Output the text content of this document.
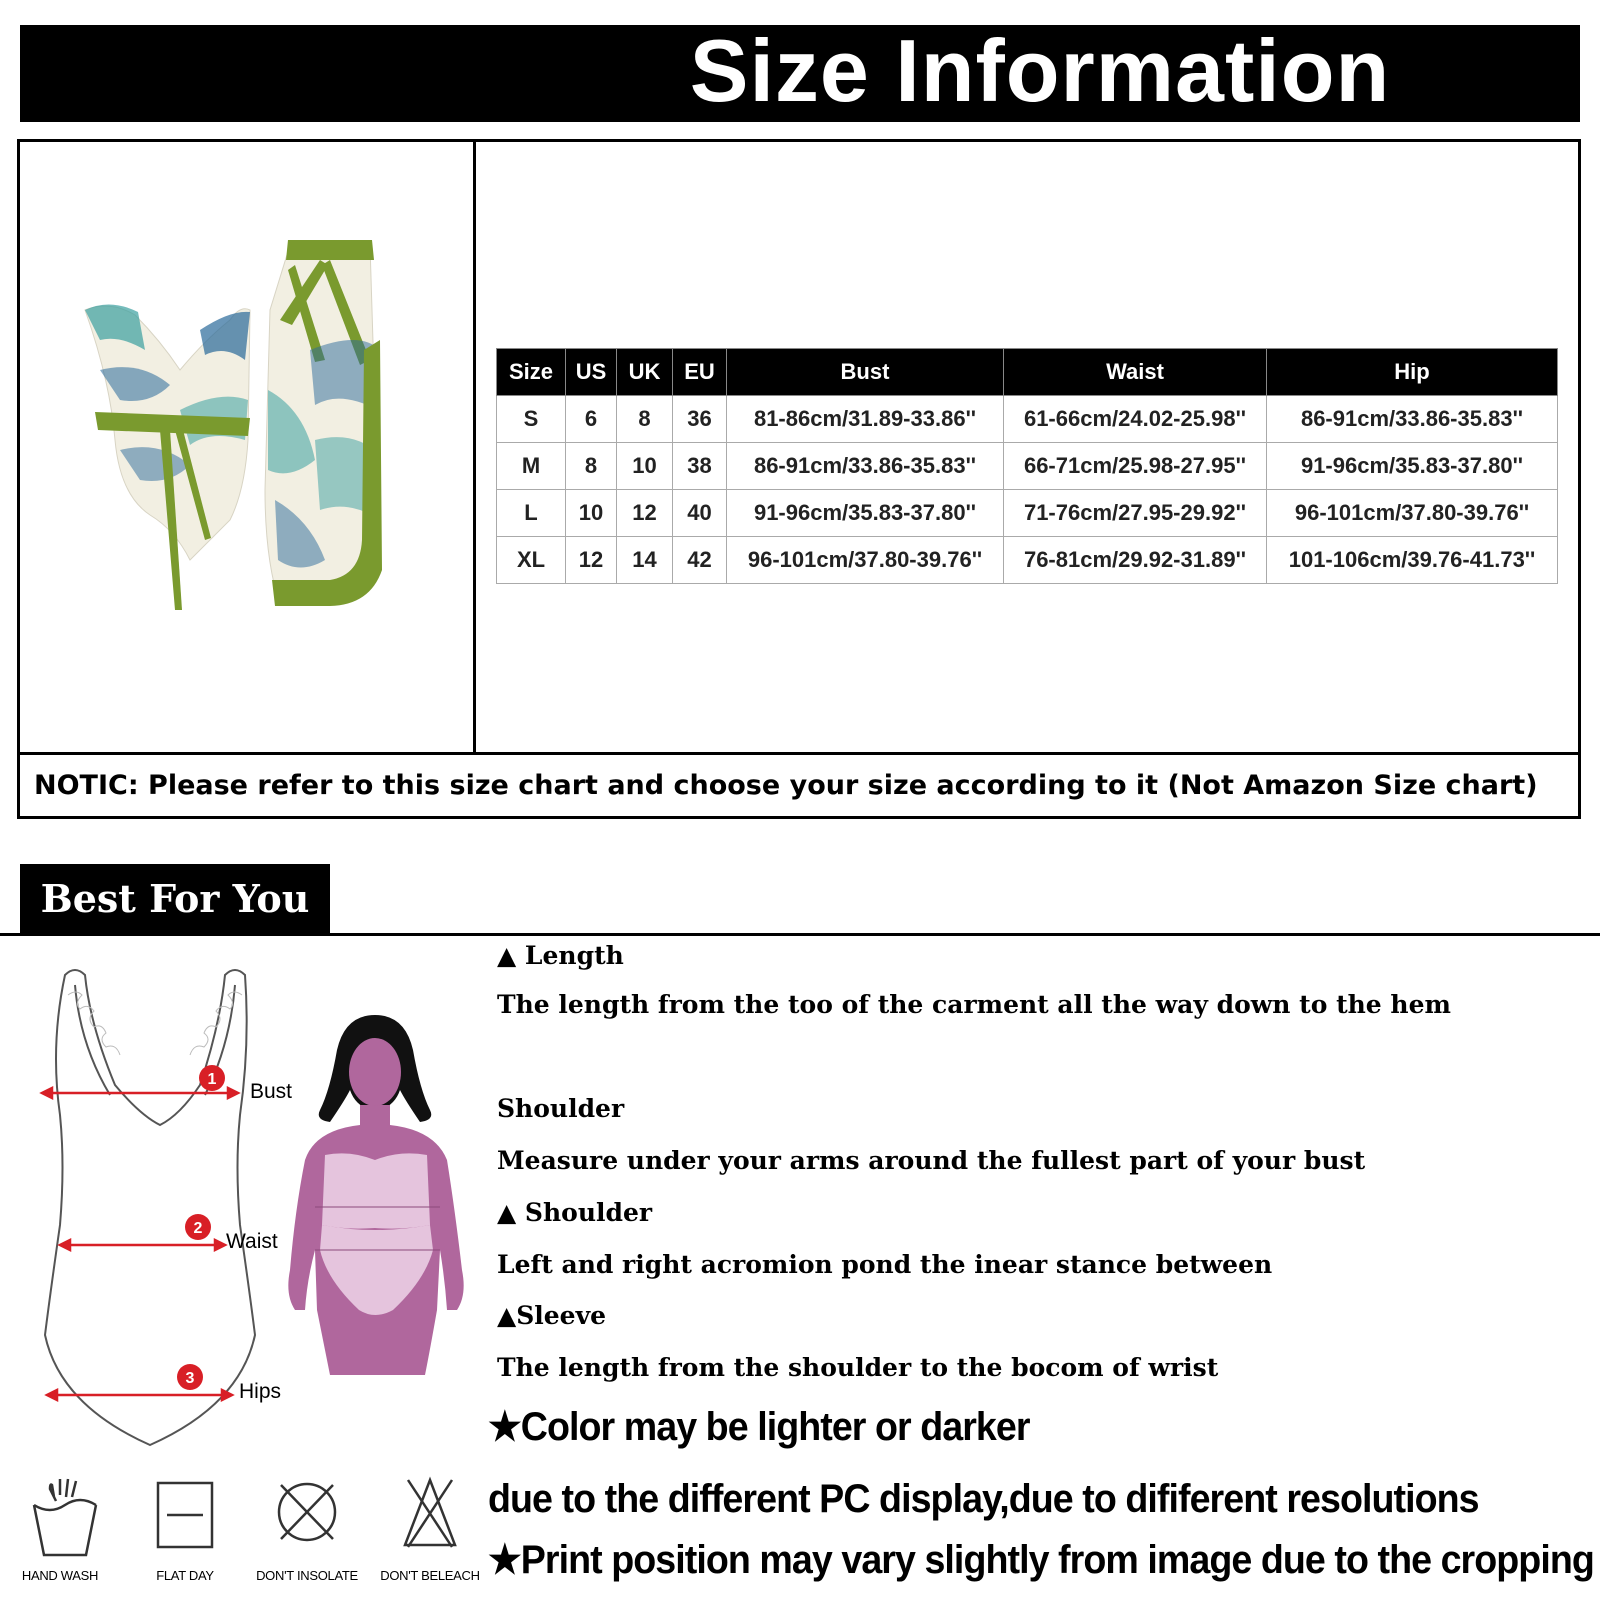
Size Information
Size	US	UK	EU	Bust	Waist	Hip
S	6	8	36	81-86cm/31.89-33.86''	61-66cm/24.02-25.98''	86-91cm/33.86-35.83''
M	8	10	38	86-91cm/33.86-35.83''	66-71cm/25.98-27.95''	91-96cm/35.83-37.80''
L	10	12	40	91-96cm/35.83-37.80''	71-76cm/27.95-29.92''	96-101cm/37.80-39.76''
XL	12	14	42	96-101cm/37.80-39.76''	76-81cm/29.92-31.89''	101-106cm/39.76-41.73''
NOTIC: Please refer to this size chart and choose your size according to it (Not Amazon Size chart)
Best For You
1
2
3
Bust
Waist
Hips
▲ Length
The length from the too of the carment all the way down to the hem
Shoulder
Measure under your arms around the fullest part of your bust
▲ Shoulder
Left and right acromion pond the inear stance between
▲Sleeve
The length from the shoulder to the bocom of wrist
★Color may be lighter or darker
due to the different PC display,due to dififerent resolutions
★Print position may vary slightly from image due to the cropping
HAND WASH	FLAT DAY	DON'T INSOLATE	DON'T BELEACH
